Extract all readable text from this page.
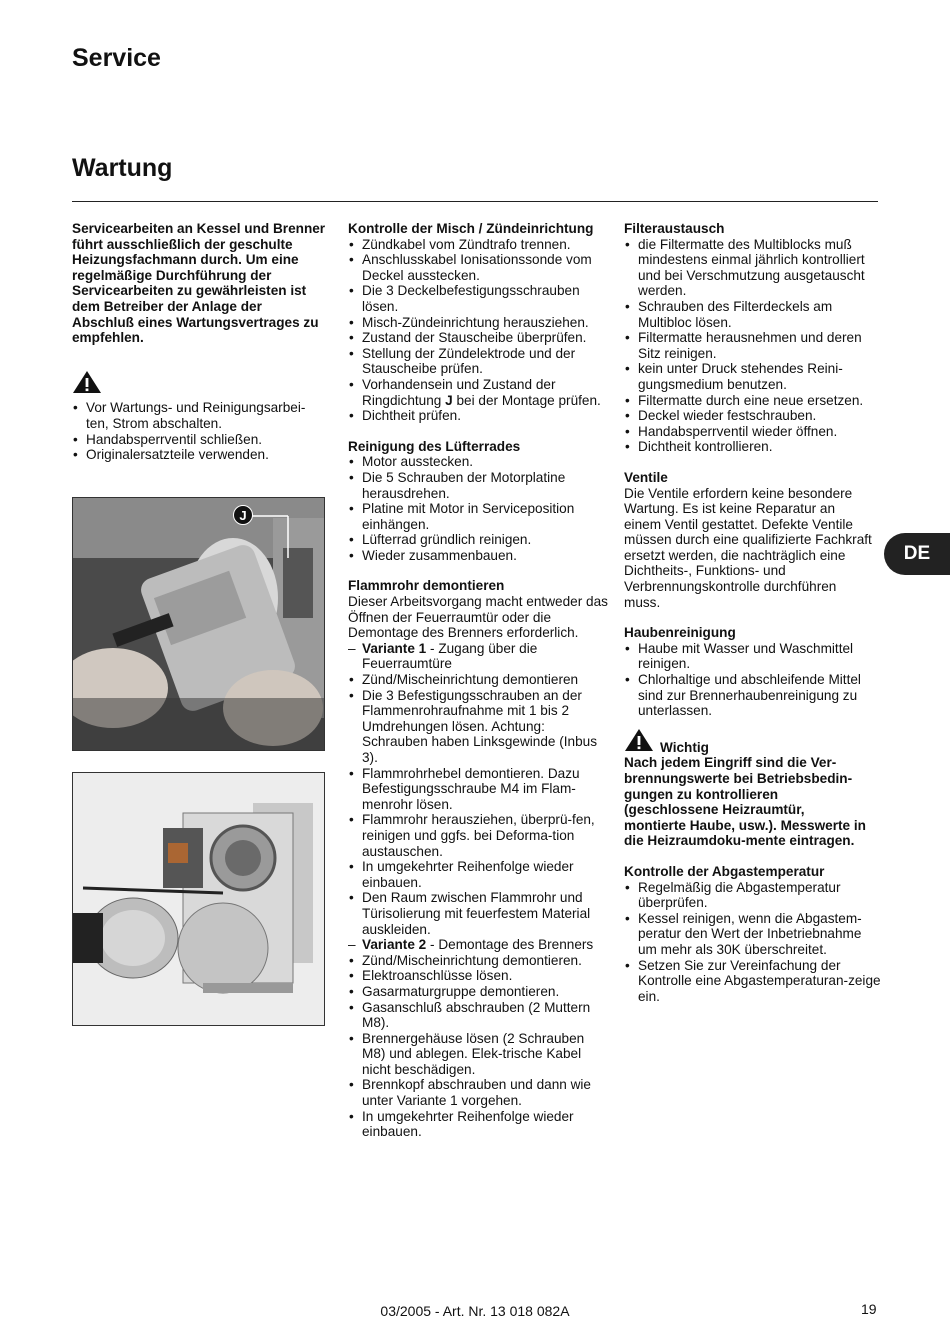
Service
Wartung

Servicearbeiten an Kessel und Brenner führt ausschließlich der geschulte Heizungsfachmann durch. Um eine regelmäßige Durchführung der Servicearbeiten zu gewährleisten ist dem Betreiber der Anlage der Abschluß eines Wartungsvertrages zu empfehlen.

• Vor Wartungs- und Reinigungsarbei-ten, Strom abschalten.
• Handabsperrventil schließen.
• Originalersatzteile verwenden.
J
Kontrolle der Misch / Zündeinrichtung
• Zündkabel vom Zündtrafo trennen.
• Anschlusskabel Ionisationssonde vom Deckel ausstecken.
• Die 3 Deckelbefestigungsschrauben lösen.
• Misch-Zündeinrichtung herausziehen.
• Zustand der Stauscheibe überprüfen.
• Stellung der Zündelektrode und der Stauscheibe prüfen.
• Vorhandensein und Zustand der Ringdichtung J bei der Montage prüfen.
• Dichtheit prüfen.
Reinigung des Lüfterrades
• Motor ausstecken.
• Die 5 Schrauben der Motorplatine herausdrehen.
• Platine mit Motor in Serviceposition einhängen.
• Lüfterrad gründlich reinigen.
• Wieder zusammenbauen.
Flammrohr demontieren

Dieser Arbeitsvorgang macht entweder das Öffnen der Feuerraumtür oder die Demontage des Brenners erforderlich.

– Variante 1 - Zugang über die Feuerraumtüre
• Zünd/Mischeinrichtung demontieren
• Die 3 Befestigungsschrauben an der Flammenrohraufnahme mit 1 bis 2 Umdrehungen lösen. Achtung: Schrauben haben Linksgewinde (Inbus 3).
• Flammrohrhebel demontieren. Dazu Befestigungsschraube M4 im Flam-menrohr lösen.
• Flammrohr herausziehen, überprü-fen, reinigen und ggfs. bei Deforma-tion austauschen.
• In umgekehrter Reihenfolge wieder einbauen.
• Den Raum zwischen Flammrohr und Türisolierung mit feuerfestem Material auskleiden.
– Variante 2 - Demontage des Brenners
• Zünd/Mischeinrichtung demontieren.
• Elektroanschlüsse lösen.
• Gasarmaturgruppe demontieren.
• Gasanschluß abschrauben (2 Muttern M8).
• Brennergehäuse lösen (2 Schrauben M8) und ablegen. Elek-trische Kabel nicht beschädigen.
• Brennkopf abschrauben und dann wie unter Variante 1 vorgehen.
• In umgekehrter Reihenfolge wieder einbauen.
Filteraustausch
• die Filtermatte des Multiblocks muß mindestens einmal jährlich kontrolliert und bei Verschmutzung ausgetauscht werden.
• Schrauben des Filterdeckels am Multibloc lösen.
• Filtermatte herausnehmen und deren Sitz reinigen.
• kein unter Druck stehendes Reini-gungsmedium benutzen.
• Filtermatte durch eine neue ersetzen.
• Deckel wieder festschrauben.
• Handabsperrventil wieder öffnen.
• Dichtheit kontrollieren.
Ventile

Die Ventile erfordern keine besondere Wartung. Es ist keine Reparatur an einem Ventil gestattet. Defekte Ventile müssen durch eine qualifizierte Fachkraft ersetzt werden, die nachträglich eine Dichtheits-, Funktions- und Verbrennungskontrolle durchführen muss.

Haubenreinigung
• Haube mit Wasser und Waschmittel reinigen.
• Chlorhaltige und abschleifende Mittel sind zur Brennerhaubenreinigung zu unterlassen.
Wichtig

Nach jedem Eingriff sind die Ver-brennungswerte bei Betriebsbedin-gungen zu kontrollieren (geschlossene Heizraumtür, montierte Haube, usw.). Messwerte in die Heizraumdoku-mente eintragen.

Kontrolle der Abgastemperatur
• Regelmäßig die Abgastemperatur überprüfen.
• Kessel reinigen, wenn die Abgastem-peratur den Wert der Inbetriebnahme um mehr als 30K überschreitet.
• Setzen Sie zur Vereinfachung der Kontrolle eine Abgastemperaturan-zeige ein.
DE
03/2005 - Art. Nr. 13 018 082A	19
